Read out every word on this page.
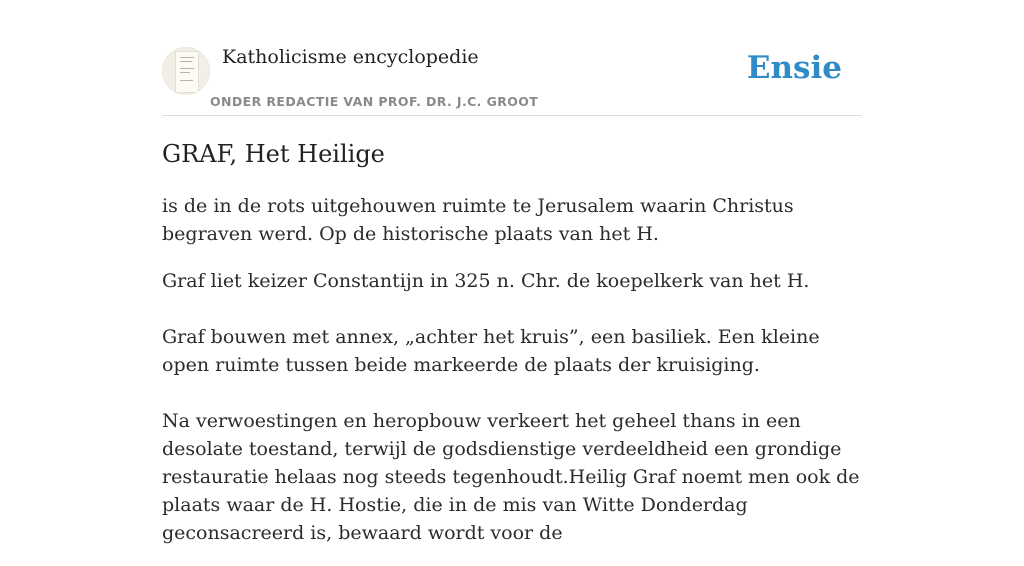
Katholicisme encyclopedie
ONDER REDACTIE VAN PROF. DR. J.C. GROOT
Ensie
GRAF, Het Heilige

is de in de rots uitgehouwen ruimte te Jerusalem waarin Christus begraven werd. Op de historische plaats van het H.

Graf liet keizer Constantijn in 325 n. Chr. de koepelkerk van het H.

Graf bouwen met annex, „achter het kruis”, een basiliek. Een kleine open ruimte tussen beide markeerde de plaats der kruisiging.

Na verwoestingen en heropbouw verkeert het geheel thans in een desolate toestand, terwijl de godsdienstige verdeeldheid een grondige restauratie helaas nog steeds tegenhoudt.Heilig Graf noemt men ook de plaats waar de H. Hostie, die in de mis van Witte Donderdag geconsacreerd is, bewaard wordt voor de
